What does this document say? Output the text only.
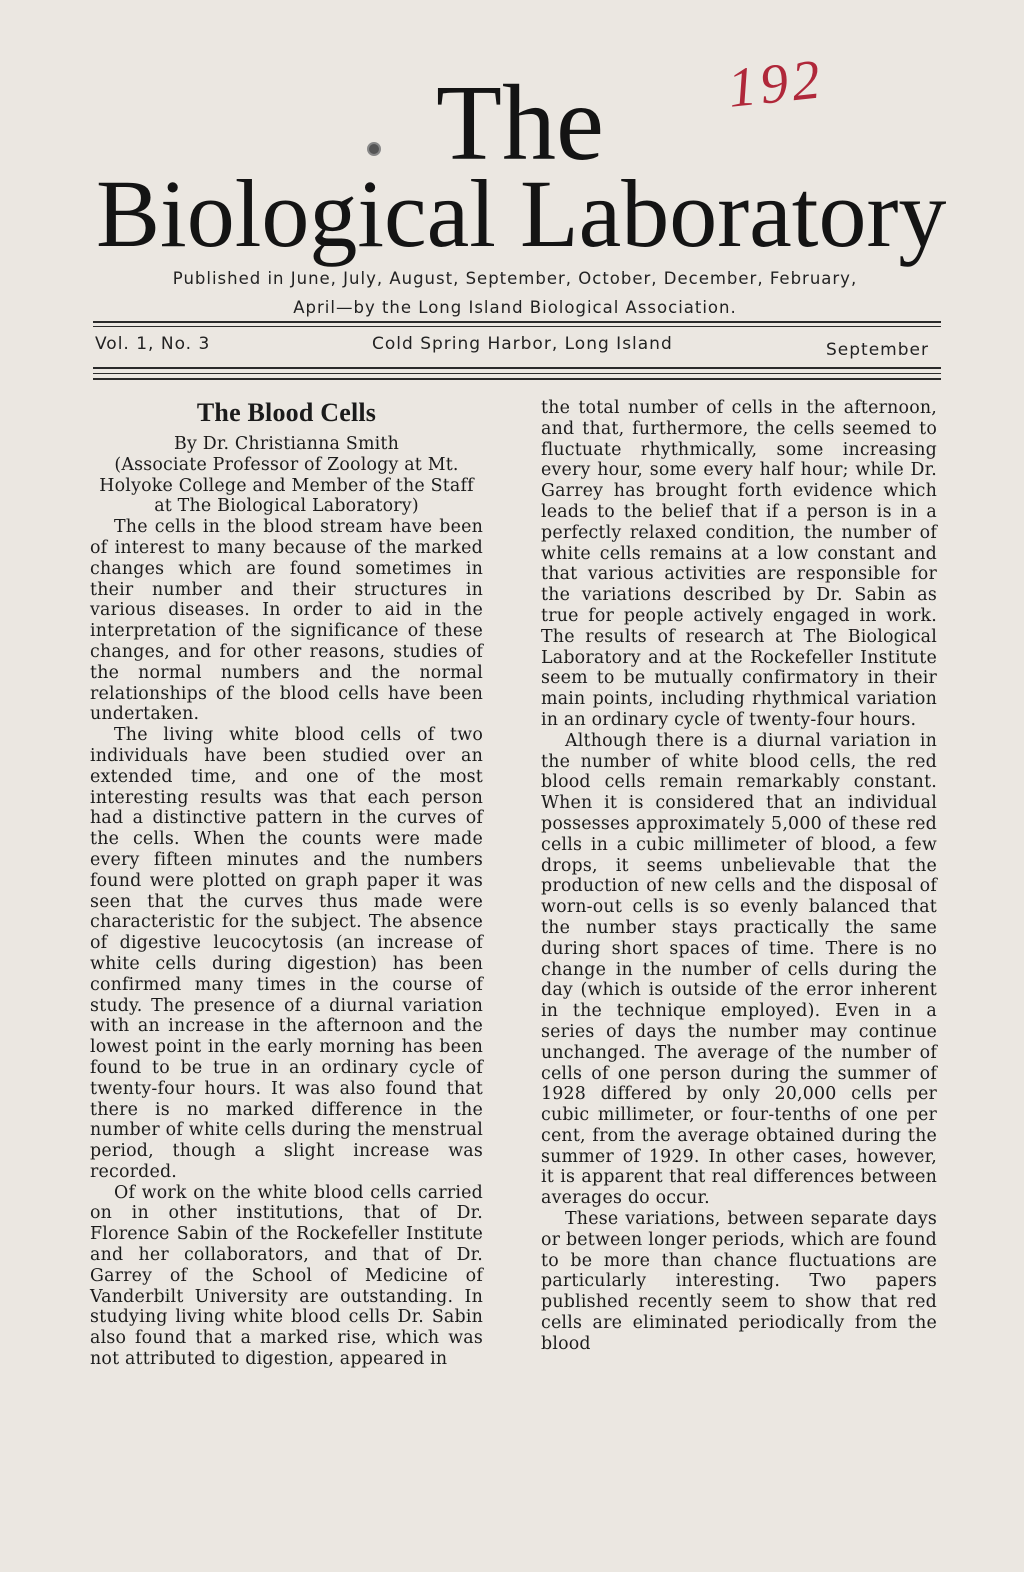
192
The
Biological Laboratory
Published in June, July, August, September, October, December, February,
April—by the Long Island Biological Association.
Vol. 1, No. 3	Cold Spring Harbor, Long Island	September
The Blood Cells

By Dr. Christianna Smith

(Associate Professor of Zoology at Mt. Holyoke College and Member of the Staff at The Biological Laboratory)

The cells in the blood stream have been of interest to many because of the marked changes which are found sometimes in their number and their structures in various diseases. In order to aid in the interpretation of the significance of these changes, and for other reasons, studies of the normal numbers and the normal relationships of the blood cells have been undertaken.

The living white blood cells of two individuals have been studied over an extended time, and one of the most interesting results was that each person had a distinctive pattern in the curves of the cells. When the counts were made every fifteen minutes and the numbers found were plotted on graph paper it was seen that the curves thus made were characteristic for the subject. The absence of digestive leucocytosis (an increase of white cells during digestion) has been confirmed many times in the course of study. The presence of a diurnal variation with an increase in the afternoon and the lowest point in the early morning has been found to be true in an ordinary cycle of twenty-four hours. It was also found that there is no marked difference in the number of white cells during the menstrual period, though a slight increase was recorded.

Of work on the white blood cells carried on in other institutions, that of Dr. Florence Sabin of the Rockefeller Institute and her collaborators, and that of Dr. Garrey of the School of Medicine of Vanderbilt University are outstanding. In studying living white blood cells Dr. Sabin also found that a marked rise, which was not attributed to digestion, appeared in

the total number of cells in the afternoon, and that, furthermore, the cells seemed to fluctuate rhythmically, some increasing every hour, some every half hour; while Dr. Garrey has brought forth evidence which leads to the belief that if a person is in a perfectly relaxed condition, the number of white cells remains at a low constant and that various activities are responsible for the variations described by Dr. Sabin as true for people actively engaged in work. The results of research at The Biological Laboratory and at the Rockefeller Institute seem to be mutually confirmatory in their main points, including rhythmical variation in an ordinary cycle of twenty-four hours.

Although there is a diurnal variation in the number of white blood cells, the red blood cells remain remarkably constant. When it is considered that an individual possesses approximately 5,000 of these red cells in a cubic millimeter of blood, a few drops, it seems unbelievable that the production of new cells and the disposal of worn-out cells is so evenly balanced that the number stays practically the same during short spaces of time. There is no change in the number of cells during the day (which is outside of the error inherent in the technique employed). Even in a series of days the number may continue unchanged. The average of the number of cells of one person during the summer of 1928 differed by only 20,000 cells per cubic millimeter, or four-tenths of one per cent, from the average obtained during the summer of 1929. In other cases, however, it is apparent that real differences between averages do occur.

These variations, between separate days or between longer periods, which are found to be more than chance fluctuations are particularly interesting. Two papers published recently seem to show that red cells are eliminated periodically from the blood
